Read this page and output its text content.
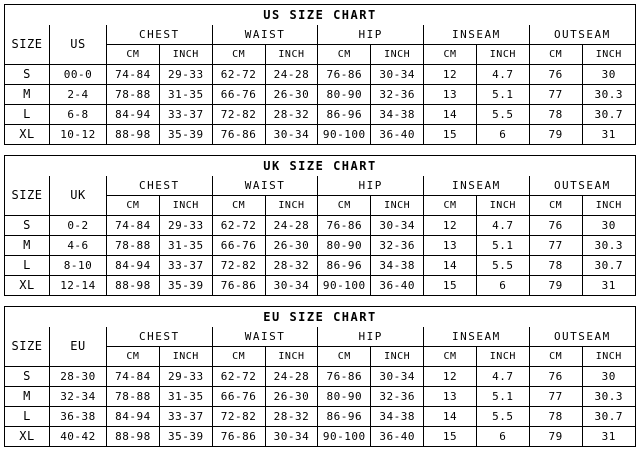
US SIZE CHART
SIZE	US	CHEST		WAIST		HIP		INSEAM		OUTSEAM	
		CM	INCH	CM	INCH	CM	INCH	CM	INCH	CM	INCH
S	00-0	74-84	29-33	62-72	24-28	76-86	30-34	12	4.7	76	30
M	2-4	78-88	31-35	66-76	26-30	80-90	32-36	13	5.1	77	30.3
L	6-8	84-94	33-37	72-82	28-32	86-96	34-38	14	5.5	78	30.7
XL	10-12	88-98	35-39	76-86	30-34	90-100	36-40	15	6	79	31
UK SIZE CHART
SIZE	UK	CHEST		WAIST		HIP		INSEAM		OUTSEAM	
		CM	INCH	CM	INCH	CM	INCH	CM	INCH	CM	INCH
S	0-2	74-84	29-33	62-72	24-28	76-86	30-34	12	4.7	76	30
M	4-6	78-88	31-35	66-76	26-30	80-90	32-36	13	5.1	77	30.3
L	8-10	84-94	33-37	72-82	28-32	86-96	34-38	14	5.5	78	30.7
XL	12-14	88-98	35-39	76-86	30-34	90-100	36-40	15	6	79	31
EU SIZE CHART
SIZE	EU	CHEST		WAIST		HIP		INSEAM		OUTSEAM	
		CM	INCH	CM	INCH	CM	INCH	CM	INCH	CM	INCH
S	28-30	74-84	29-33	62-72	24-28	76-86	30-34	12	4.7	76	30
M	32-34	78-88	31-35	66-76	26-30	80-90	32-36	13	5.1	77	30.3
L	36-38	84-94	33-37	72-82	28-32	86-96	34-38	14	5.5	78	30.7
XL	40-42	88-98	35-39	76-86	30-34	90-100	36-40	15	6	79	31
